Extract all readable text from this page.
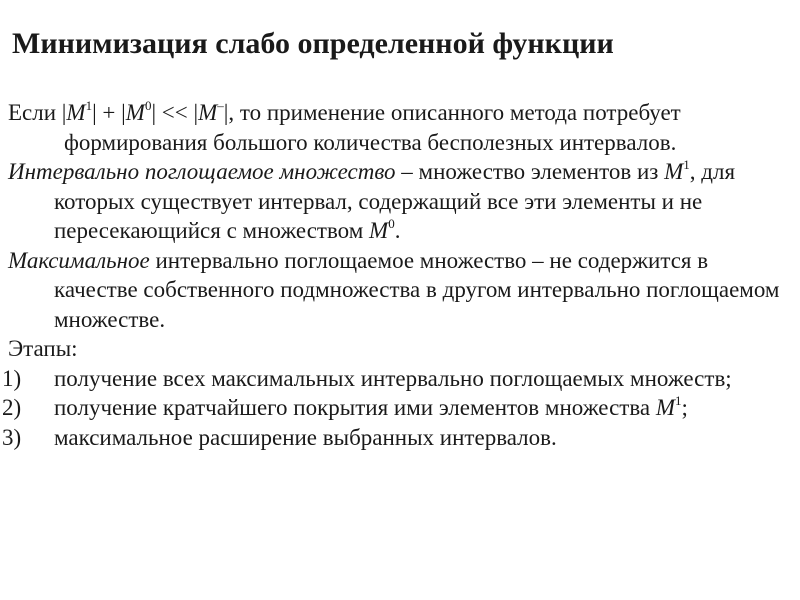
Минимизация слабо определенной функции
Если $|M^1| + |M^0| << |M^-|$, то применение описанного метода потребует формирования большого количества бесполезных интервалов.
Интервально поглощаемое множество – множество элементов из $M^1$, для которых существует интервал, содержащий все эти элементы и не пересекающийся с множеством $M^0$.
Максимальное интервально поглощаемое множество – не содержится в качестве собственного подмножества в другом интервально поглощаемом множестве.
Этапы:
1) получение всех максимальных интервально поглощаемых множеств;
2) получение кратчайшего покрытия ими элементов множества $M^1$;
3) максимальное расширение выбранных интервалов.
